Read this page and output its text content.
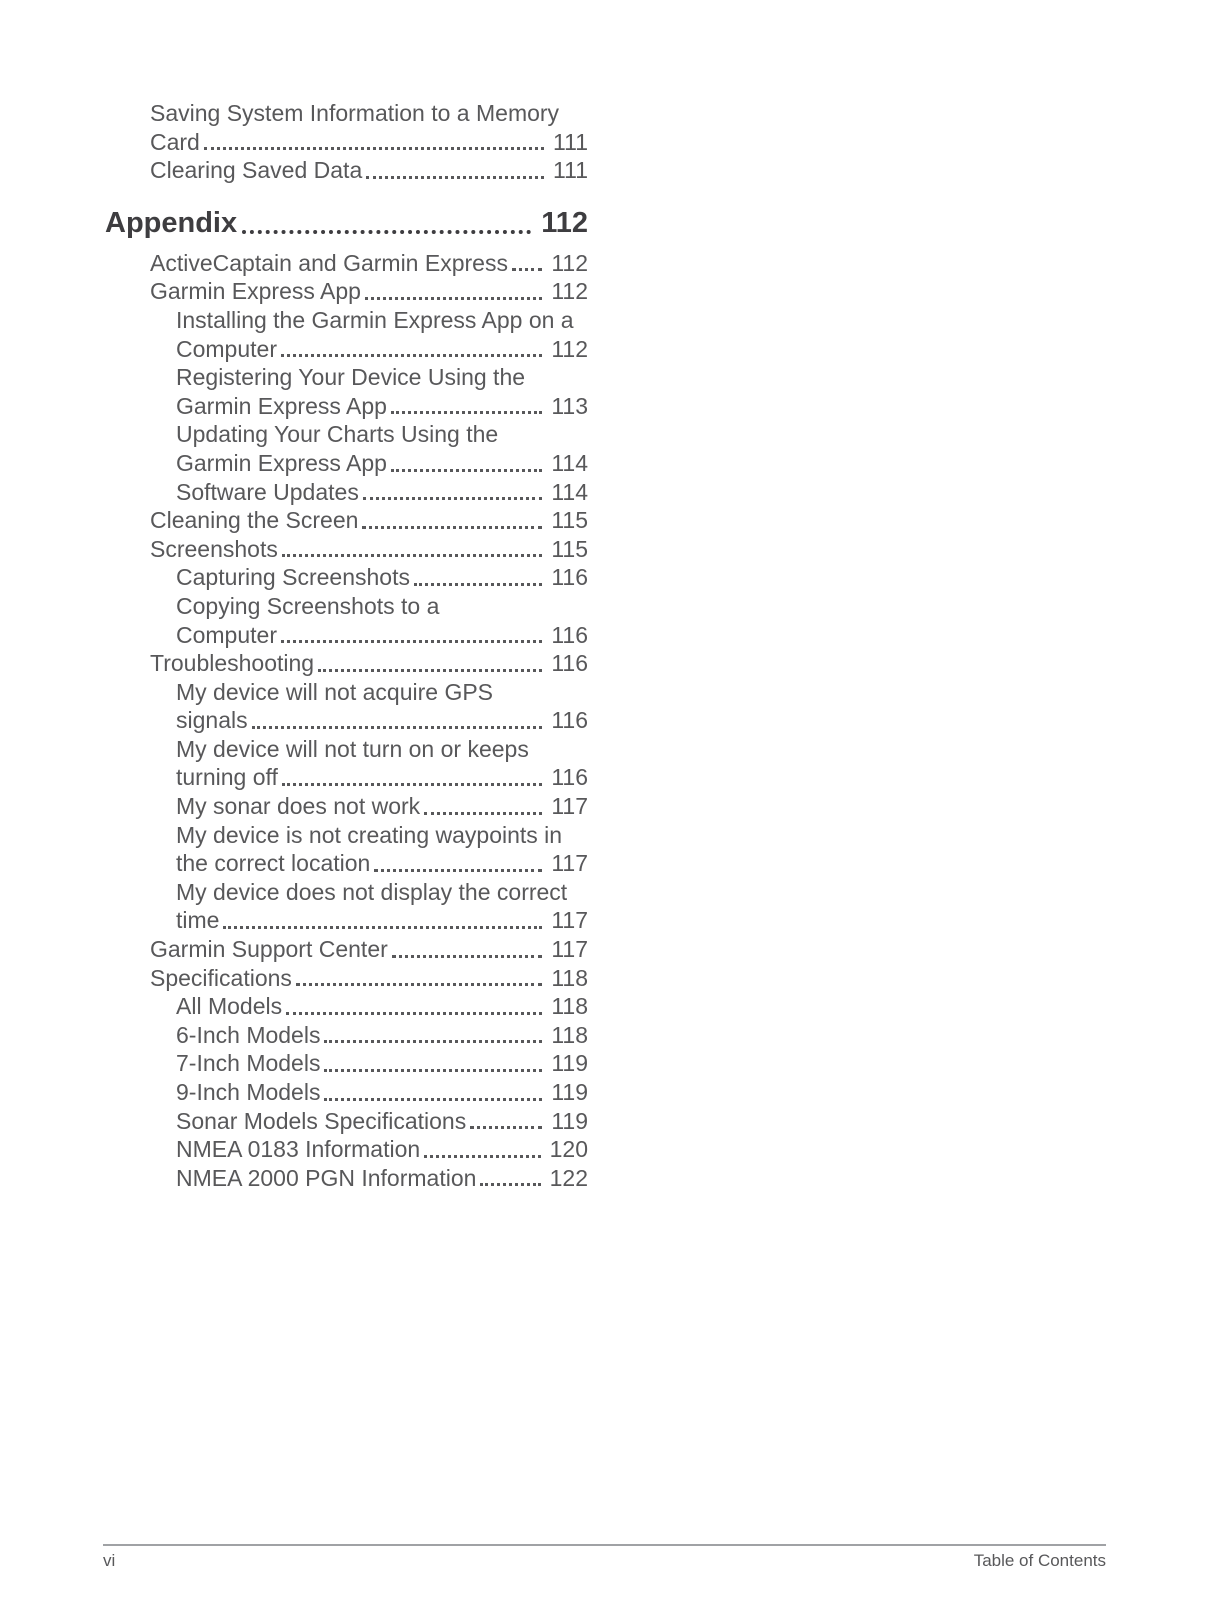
Saving System Information to a Memory
Card	111
Clearing Saved Data	111
Appendix	112
ActiveCaptain and Garmin Express 112
Garmin Express App	112
Installing the Garmin Express App on a
Computer	112
Registering Your Device Using the
Garmin Express App	113
Updating Your Charts Using the
Garmin Express App	114
Software Updates	114
Cleaning the Screen	115
Screenshots	115
Capturing Screenshots	116
Copying Screenshots to a
Computer	116
Troubleshooting	116
My device will not acquire GPS
signals	116
My device will not turn on or keeps
turning off	116
My sonar does not work	117
My device is not creating waypoints in
the correct location	117
My device does not display the correct
time	117
Garmin Support Center	117
Specifications	118
All Models	118
6-Inch Models	118
7-Inch Models	119
9-Inch Models	119
Sonar Models Specifications	119
NMEA 0183 Information	120
NMEA 2000 PGN Information	122
vi	Table of Contents
